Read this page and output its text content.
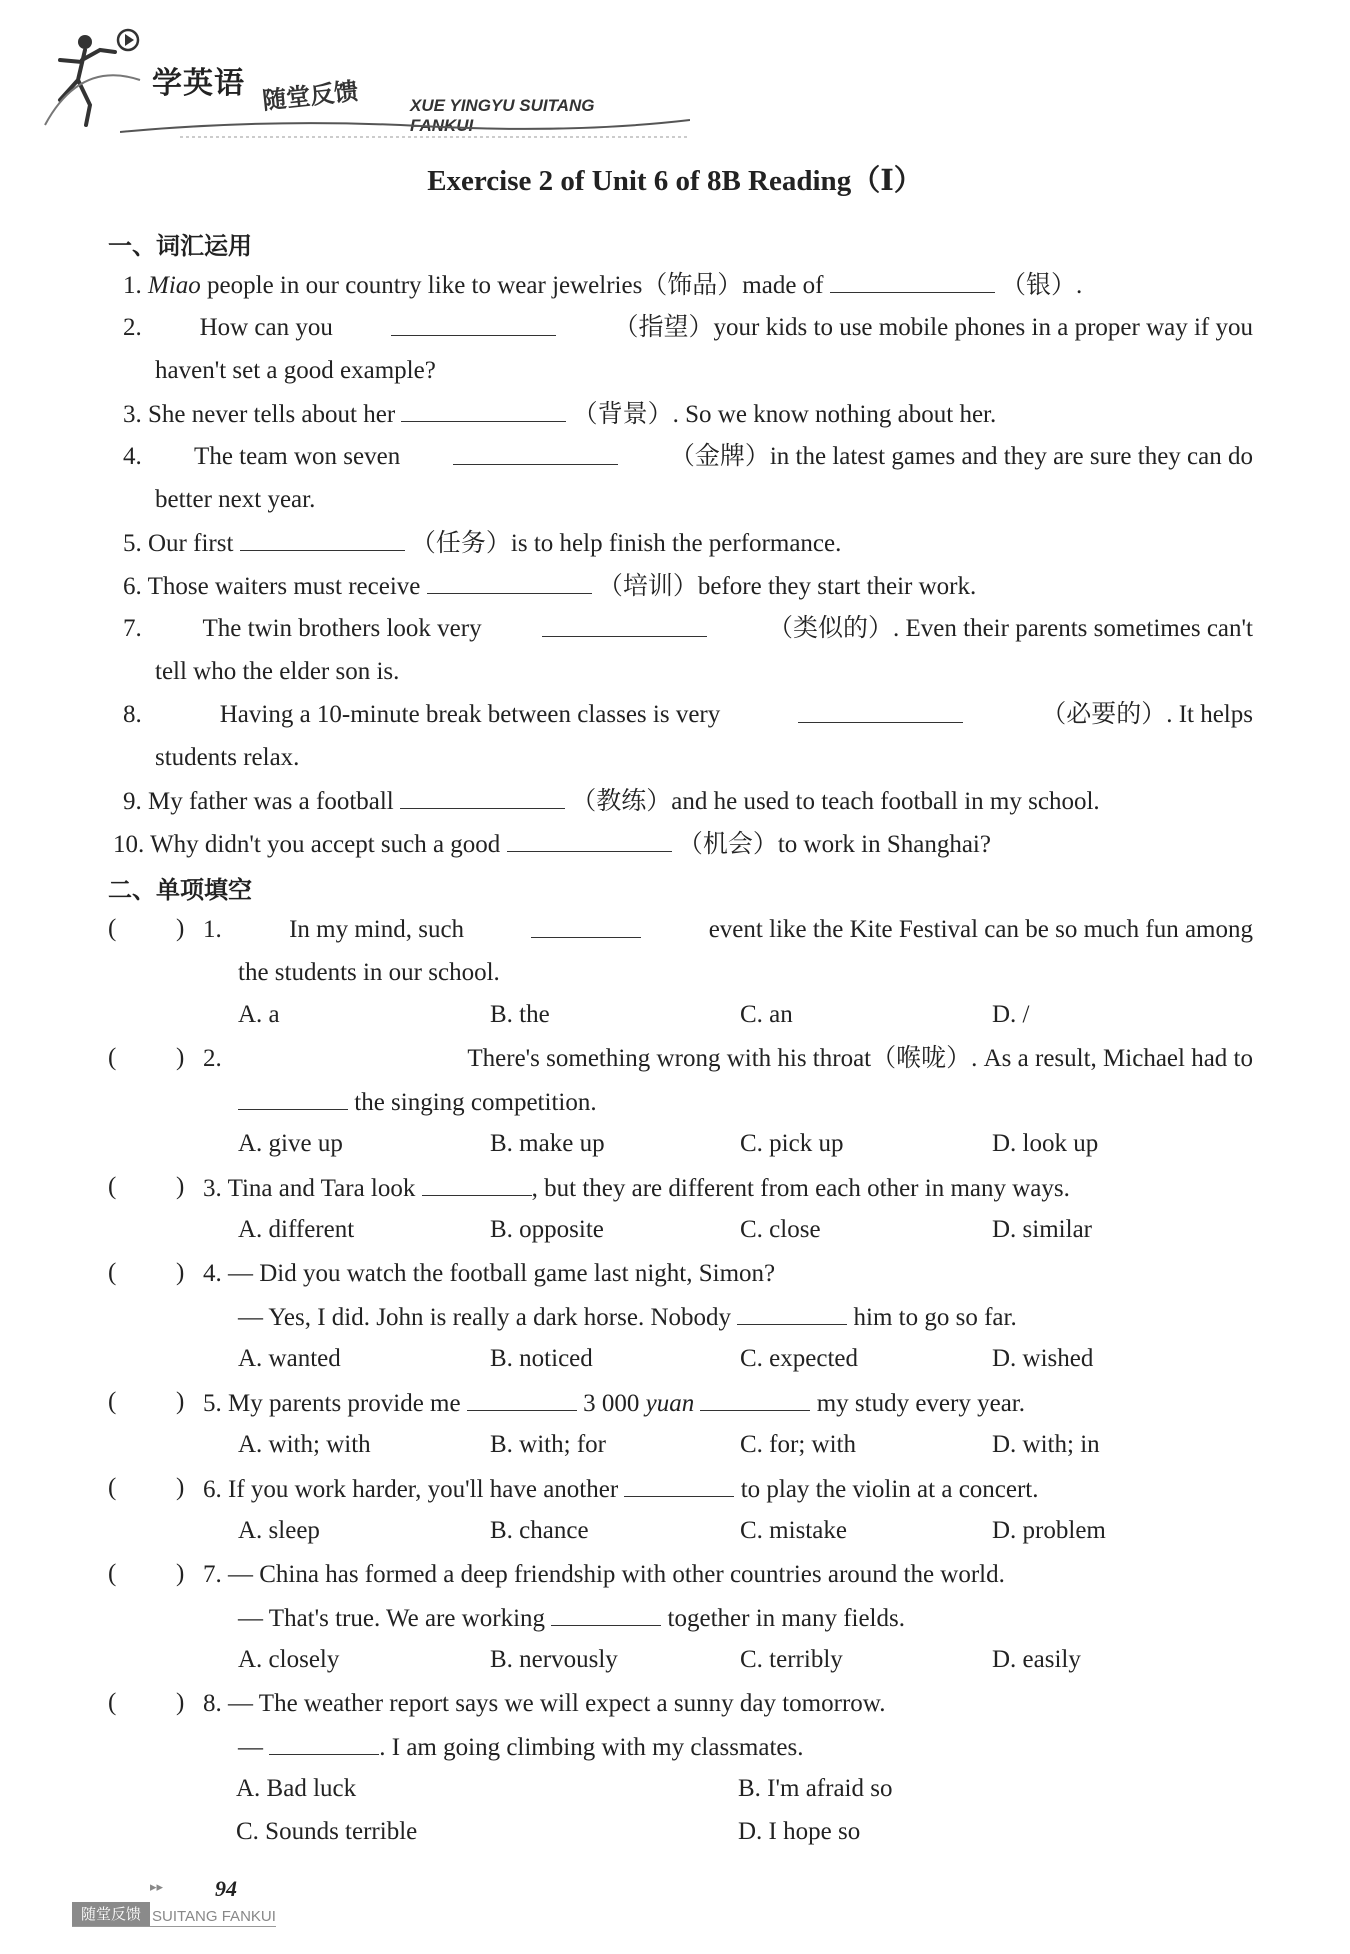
学英语 随堂反馈	XUE YINGYU SUITANG FANKUI
Exercise 2 of Unit 6 of 8B Reading（Ⅰ）
一、词汇运用
1. Miao people in our country like to wear jewelries（饰品）made of	（银）.
2. How can you	（指望）your kids to use mobile phones in a proper way if you
haven't set a good example?
3. She never tells about her	（背景）. So we know nothing about her.
4. The team won seven	（金牌）in the latest games and they are sure they can do
better next year.
5. Our first	（任务）is to help finish the performance.
6. Those waiters must receive	（培训）before they start their work.
7. The twin brothers look very	（类似的）. Even their parents sometimes can't
tell who the elder son is.
8.	Having a 10-minute break between classes is very	（必要的）. It helps
students relax.
9. My father was a football	（教练）and he used to teach football in my school.
10. Why didn't you accept such a good	（机会）to work in Shanghai?
二、单项填空
( ) 1.	In my mind, such	event like the Kite Festival can be so much fun among
the students in our school.
A. a	B. the	C. an	D. /
( ) 2.	There's something wrong with his throat（喉咙）. As a result, Michael had to
the singing competition.
A. give up	B. make up	C. pick up	D. look up
( ) 3. Tina and Tara look	, but they are different from each other in many ways.
A. different	B. opposite	C. close	D. similar
( ) 4. — Did you watch the football game last night, Simon?
— Yes, I did. John is really a dark horse. Nobody	him to go so far.
A. wanted	B. noticed	C. expected	D. wished
( ) 5. My parents provide me	3 000 yuan	my study every year.
A. with; with	B. with; for	C. for; with	D. with; in
( ) 6. If you work harder, you'll have another	to play the violin at a concert.
A. sleep	B. chance	C. mistake	D. problem
( ) 7. — China has formed a deep friendship with other countries around the world.
— That's true. We are working	together in many fields.
A. closely	B. nervously	C. terribly	D. easily
( ) 8. — The weather report says we will expect a sunny day tomorrow.
—	. I am going climbing with my classmates.
A. Bad luck	B. I'm afraid so
C. Sounds terrible	D. I hope so
▸▸ 94
随堂反馈 SUITANG FANKUI
